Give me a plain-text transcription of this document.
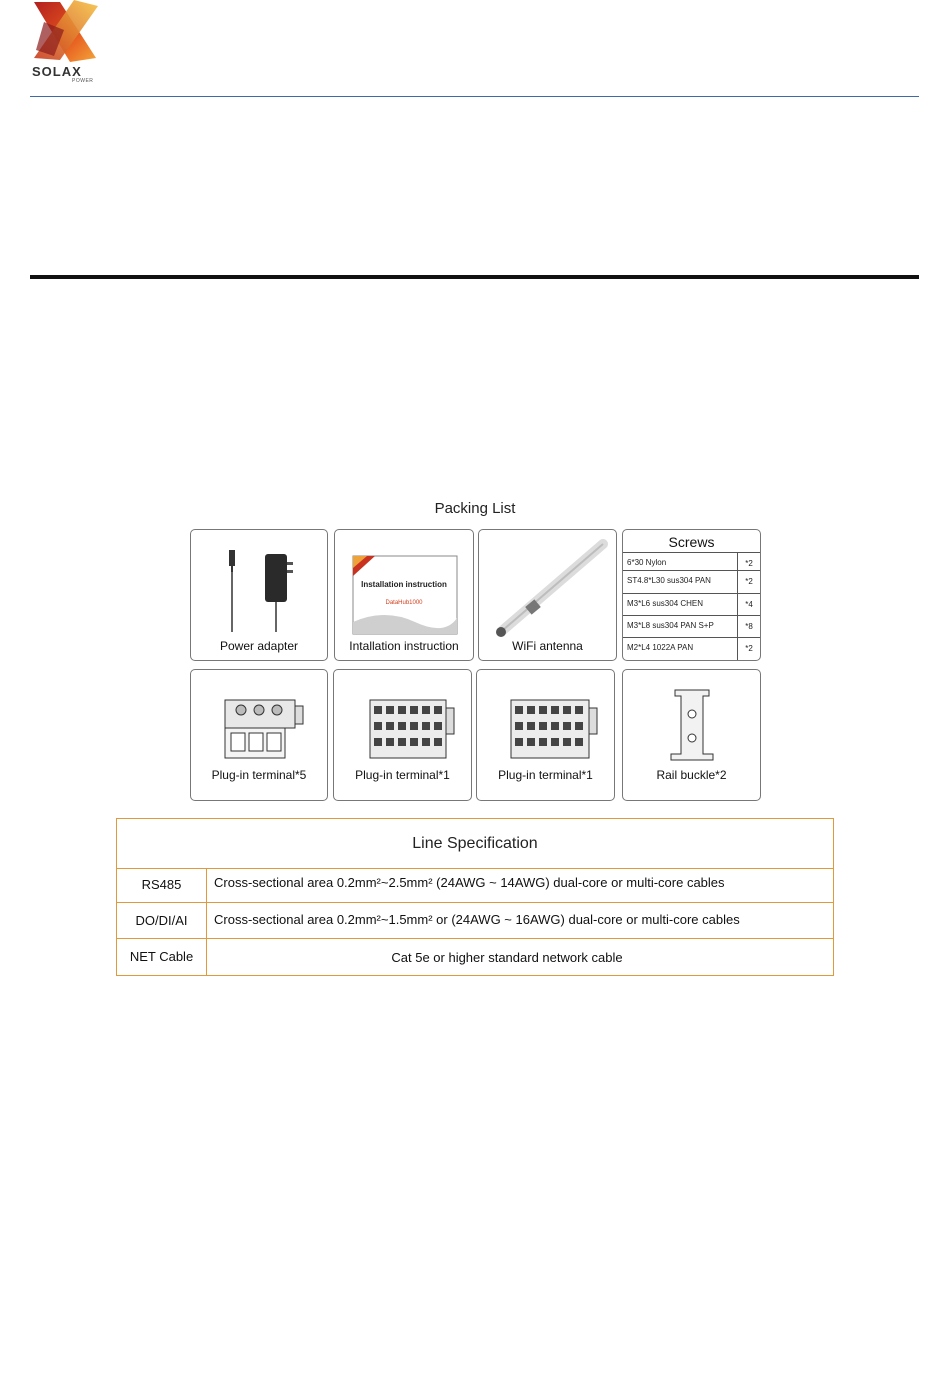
SOLAX
POWER
Packing List
Power adapter
Installation instruction
DataHub1000
Intallation instruction	WiFi antenna
Screws
6*30 Nylon	*2
ST4.8*L30 sus304 PAN	*2
M3*L6 sus304 CHEN	*4
M3*L8 sus304 PAN S+P	*8
M2*L4 1022A PAN	*2
Plug-in terminal*5	Plug-in terminal*1	Plug-in terminal*1	Rail buckle*2
Line Specification
RS485	Cross-sectional area 0.2mm²~2.5mm² (24AWG ~ 14AWG) dual-core or multi-core cables
DO/DI/AI	Cross-sectional area 0.2mm²~1.5mm² or (24AWG ~ 16AWG) dual-core or multi-core cables
NET Cable	Cat 5e or higher standard network cable
